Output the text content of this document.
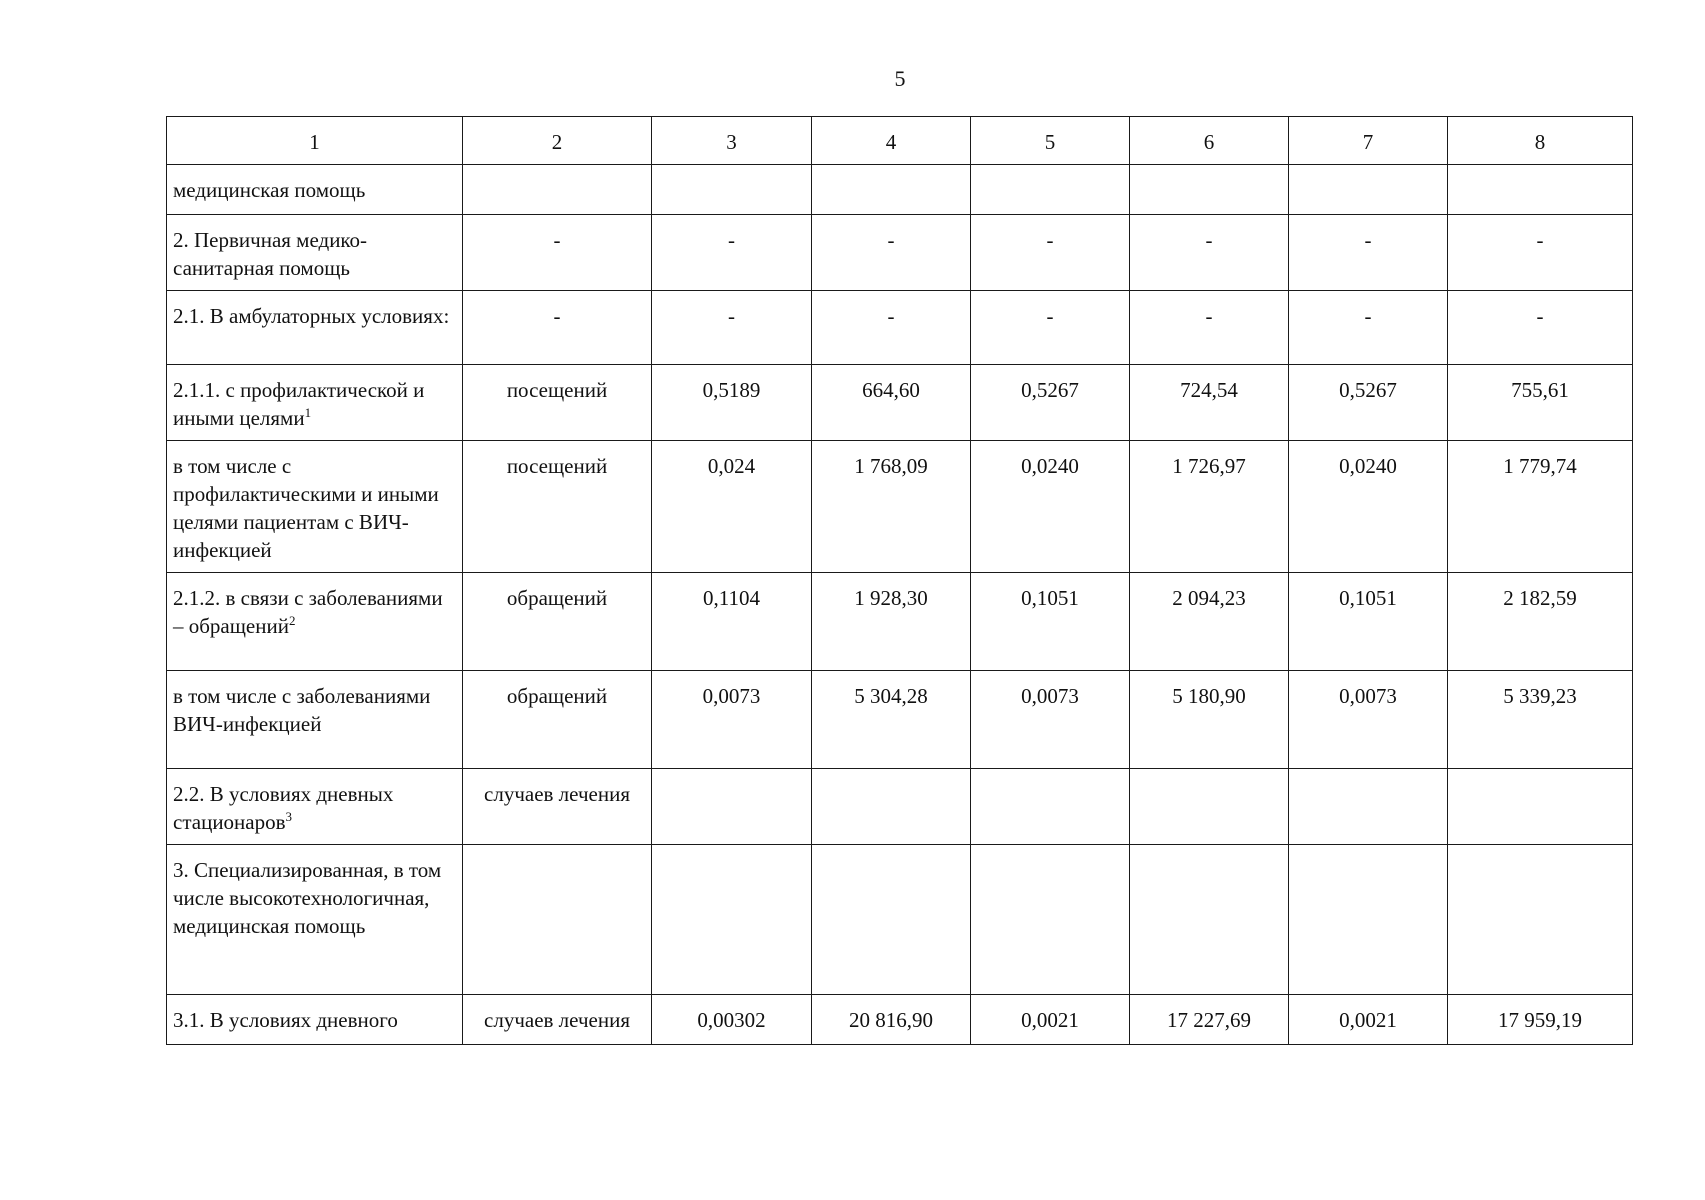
5
1	2	3	4	5	6	7	8
медицинская помощь							
2. Первичная медико-санитарная помощь	-	-	-	-	-	-	-
2.1. В амбулаторных условиях:	-	-	-	-	-	-	-
2.1.1. с профилактической и иными целями$^1$	посещений	0,5189	664,60	0,5267	724,54	0,5267	755,61
в том числе с профилактическими и иными целями пациентам с ВИЧ-инфекцией	посещений	0,024	1 768,09	0,0240	1 726,97	0,0240	1 779,74
2.1.2. в связи с заболеваниями – обращений$^2$	обращений	0,1104	1 928,30	0,1051	2 094,23	0,1051	2 182,59
в том числе с заболеваниями ВИЧ-инфекцией	обращений	0,0073	5 304,28	0,0073	5 180,90	0,0073	5 339,23
2.2. В условиях дневных стационаров$^3$	случаев лечения						
3. Специализированная, в том числе высокотехнологичная, медицинская помощь							
3.1. В условиях дневного	случаев лечения	0,00302	20 816,90	0,0021	17 227,69	0,0021	17 959,19
